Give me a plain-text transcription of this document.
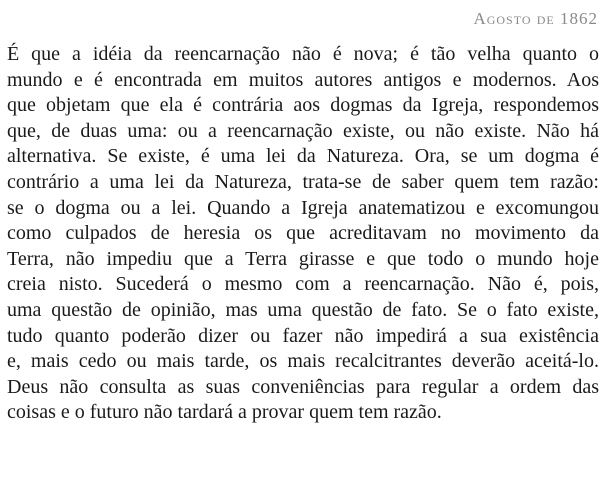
Agosto de 1862

É que a idéia da reencarnação não é nova; é tão velha quanto o
mundo e é encontrada em muitos autores antigos e modernos. Aos
que objetam que ela é contrária aos dogmas da Igreja, respondemos
que, de duas uma: ou a reencarnação existe, ou não existe. Não há
alternativa. Se existe, é uma lei da Natureza. Ora, se um dogma é
contrário a uma lei da Natureza, trata-se de saber quem tem razão:
se o dogma ou a lei. Quando a Igreja anatematizou e excomungou
como culpados de heresia os que acreditavam no movimento da
Terra, não impediu que a Terra girasse e que todo o mundo hoje
creia nisto. Sucederá o mesmo com a reencarnação. Não é, pois,
uma questão de opinião, mas uma questão de fato. Se o fato existe,
tudo quanto poderão dizer ou fazer não impedirá a sua existência
e, mais cedo ou mais tarde, os mais recalcitrantes deverão aceitá-lo.
Deus não consulta as suas conveniências para regular a ordem das
coisas e o futuro não tardará a provar quem tem razão.
